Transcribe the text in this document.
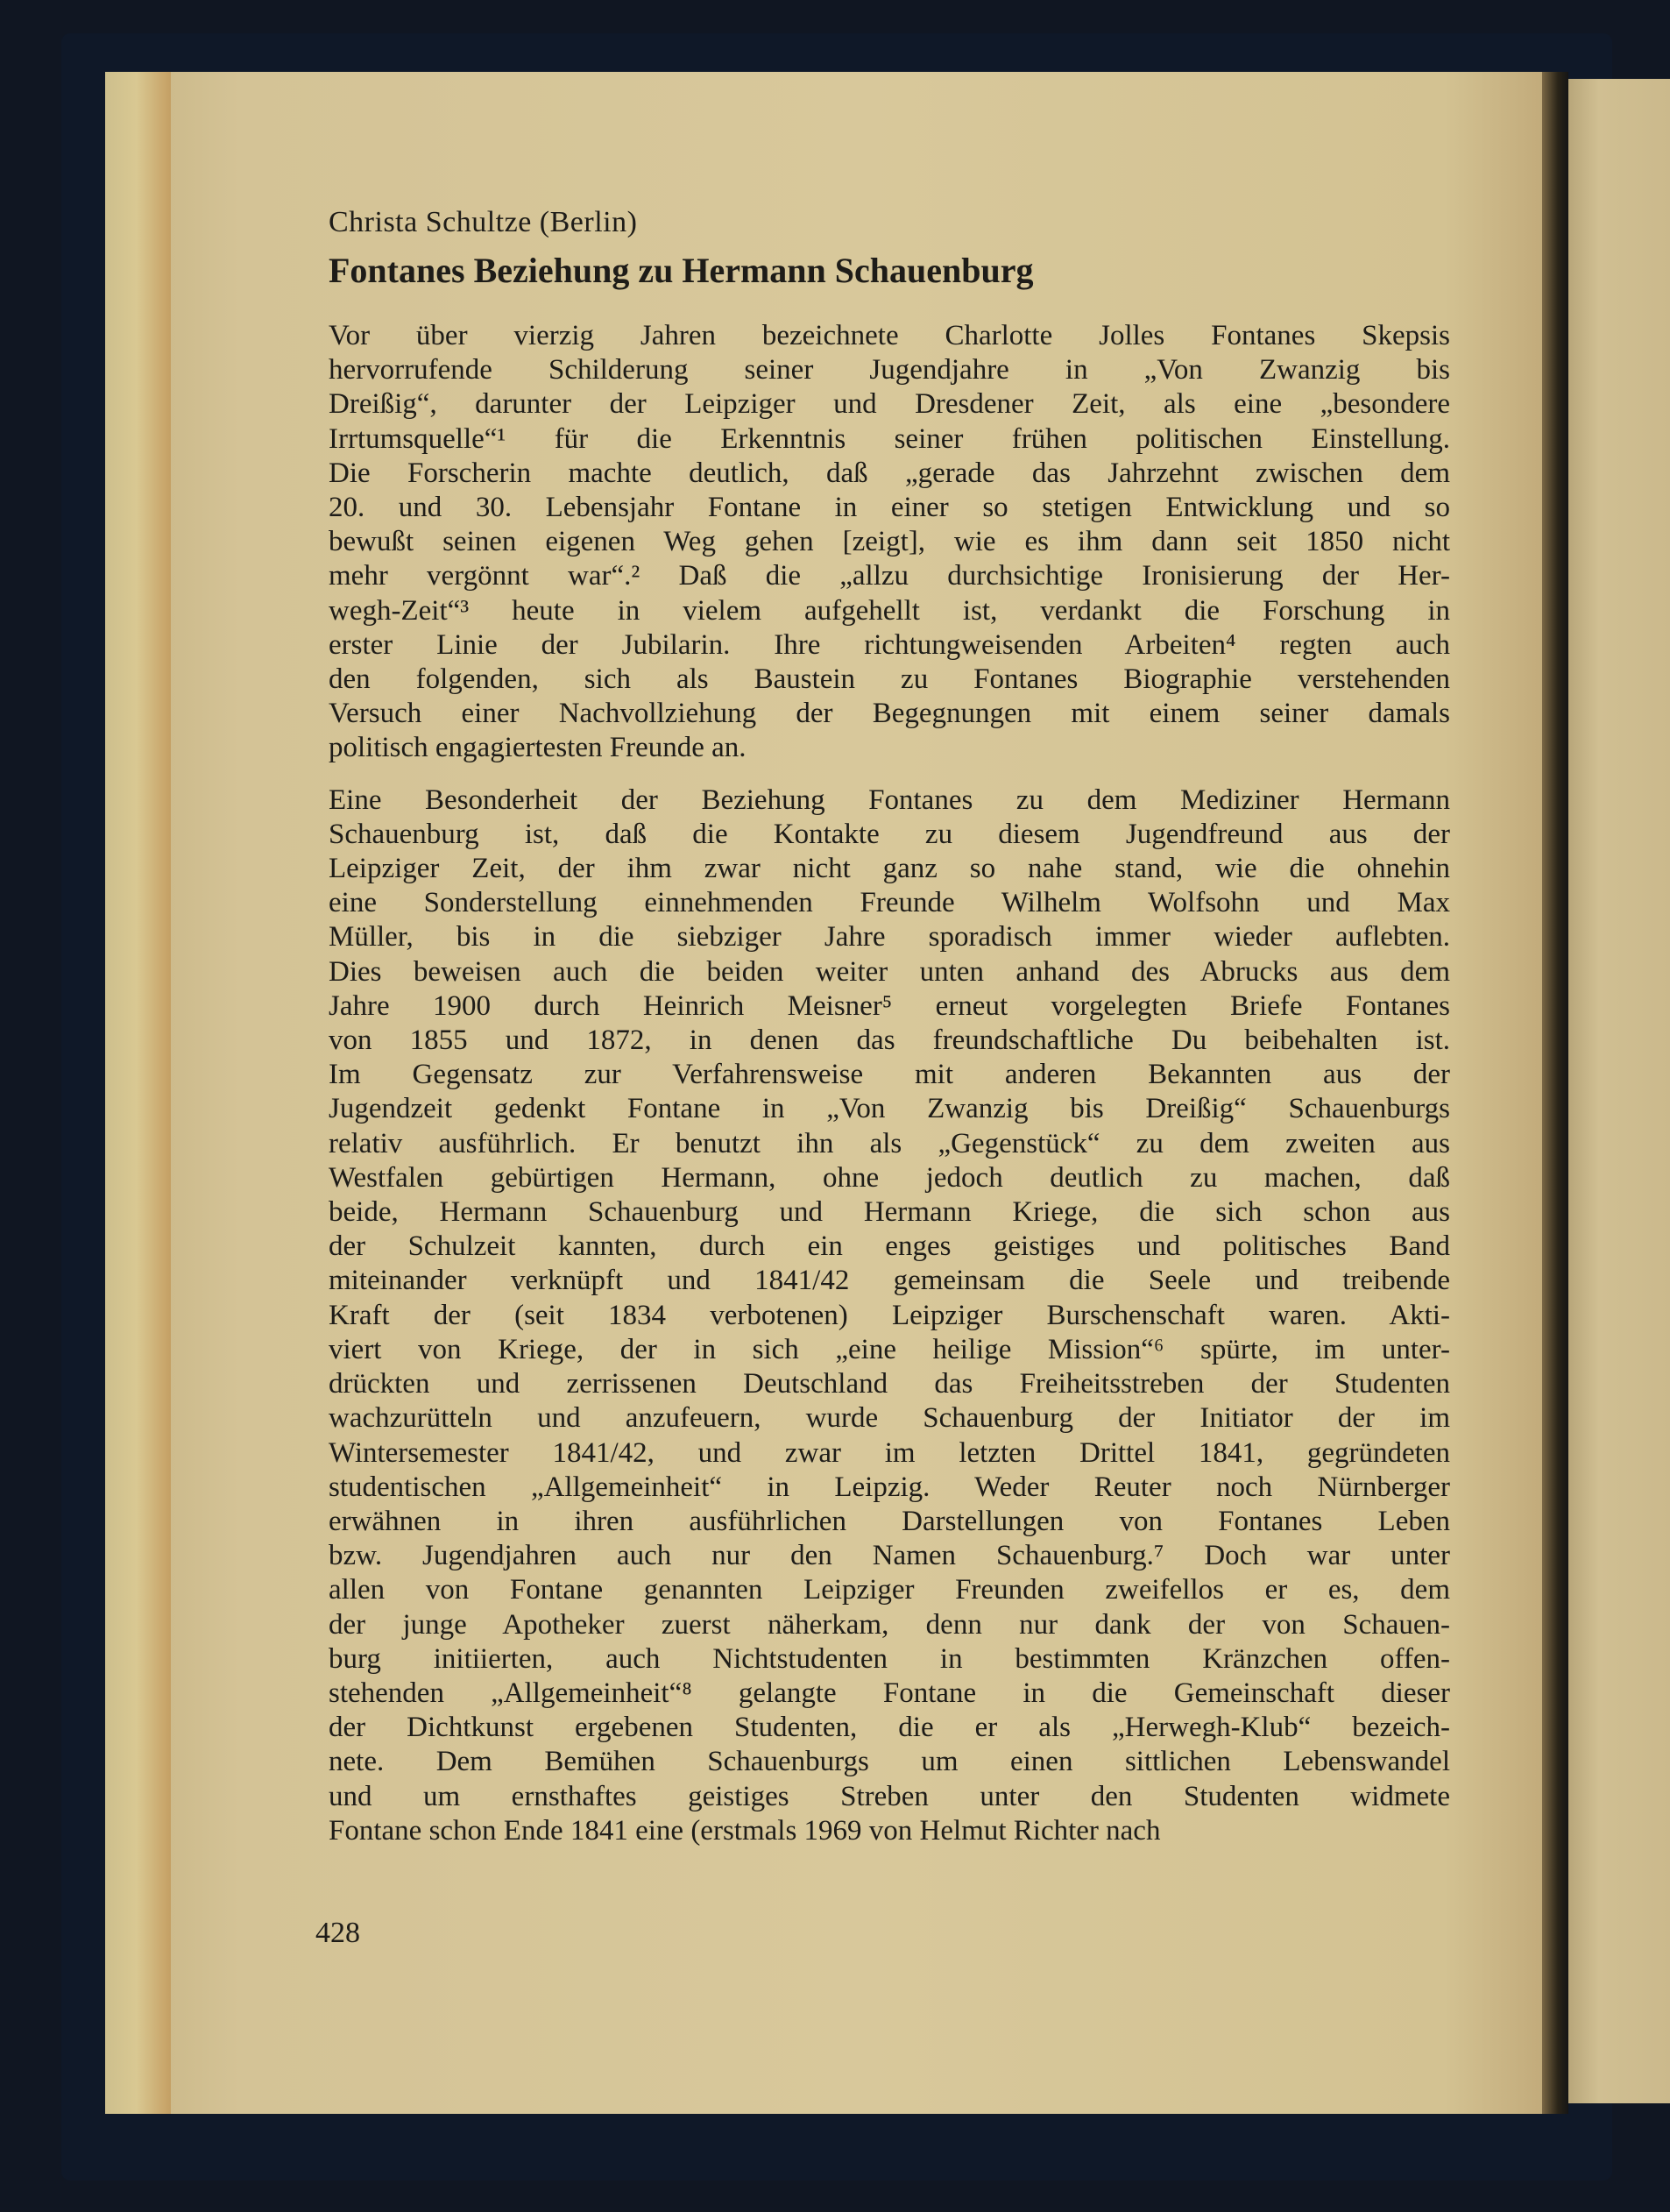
Christa Schultze (Berlin)
Fontanes Beziehung zu Hermann Schauenburg
Vor über vierzig Jahren bezeichnete Charlotte Jolles Fontanes Skepsis
hervorrufende Schilderung seiner Jugendjahre in „Von Zwanzig bis
Dreißig“, darunter der Leipziger und Dresdener Zeit, als eine „besondere
Irrtumsquelle“¹ für die Erkenntnis seiner frühen politischen Einstellung.
Die Forscherin machte deutlich, daß „gerade das Jahrzehnt zwischen dem
20. und 30. Lebensjahr Fontane in einer so stetigen Entwicklung und so
bewußt seinen eigenen Weg gehen [zeigt], wie es ihm dann seit 1850 nicht
mehr vergönnt war“.² Daß die „allzu durchsichtige Ironisierung der Her-
wegh-Zeit“³ heute in vielem aufgehellt ist, verdankt die Forschung in
erster Linie der Jubilarin. Ihre richtungweisenden Arbeiten⁴ regten auch
den folgenden, sich als Baustein zu Fontanes Biographie verstehenden
Versuch einer Nachvollziehung der Begegnungen mit einem seiner damals
politisch engagiertesten Freunde an.
Eine Besonderheit der Beziehung Fontanes zu dem Mediziner Hermann
Schauenburg ist, daß die Kontakte zu diesem Jugendfreund aus der
Leipziger Zeit, der ihm zwar nicht ganz so nahe stand, wie die ohnehin
eine Sonderstellung einnehmenden Freunde Wilhelm Wolfsohn und Max
Müller, bis in die siebziger Jahre sporadisch immer wieder auflebten.
Dies beweisen auch die beiden weiter unten anhand des Abrucks aus dem
Jahre 1900 durch Heinrich Meisner⁵ erneut vorgelegten Briefe Fontanes
von 1855 und 1872, in denen das freundschaftliche Du beibehalten ist.
Im Gegensatz zur Verfahrensweise mit anderen Bekannten aus der
Jugendzeit gedenkt Fontane in „Von Zwanzig bis Dreißig“ Schauenburgs
relativ ausführlich. Er benutzt ihn als „Gegenstück“ zu dem zweiten aus
Westfalen gebürtigen Hermann, ohne jedoch deutlich zu machen, daß
beide, Hermann Schauenburg und Hermann Kriege, die sich schon aus
der Schulzeit kannten, durch ein enges geistiges und politisches Band
miteinander verknüpft und 1841/42 gemeinsam die Seele und treibende
Kraft der (seit 1834 verbotenen) Leipziger Burschenschaft waren. Akti-
viert von Kriege, der in sich „eine heilige Mission“⁶ spürte, im unter-
drückten und zerrissenen Deutschland das Freiheitsstreben der Studenten
wachzurütteln und anzufeuern, wurde Schauenburg der Initiator der im
Wintersemester 1841/42, und zwar im letzten Drittel 1841, gegründeten
studentischen „Allgemeinheit“ in Leipzig. Weder Reuter noch Nürnberger
erwähnen in ihren ausführlichen Darstellungen von Fontanes Leben
bzw. Jugendjahren auch nur den Namen Schauenburg.⁷ Doch war unter
allen von Fontane genannten Leipziger Freunden zweifellos er es, dem
der junge Apotheker zuerst näherkam, denn nur dank der von Schauen-
burg initiierten, auch Nichtstudenten in bestimmten Kränzchen offen-
stehenden „Allgemeinheit“⁸ gelangte Fontane in die Gemeinschaft dieser
der Dichtkunst ergebenen Studenten, die er als „Herwegh-Klub“ bezeich-
nete. Dem Bemühen Schauenburgs um einen sittlichen Lebenswandel
und um ernsthaftes geistiges Streben unter den Studenten widmete
Fontane schon Ende 1841 eine (erstmals 1969 von Helmut Richter nach
428
